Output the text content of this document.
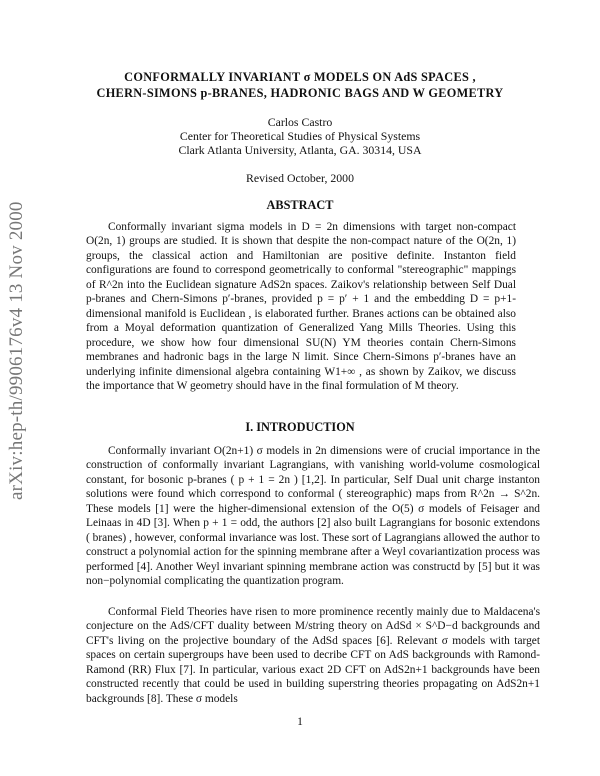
arXiv:hep-th/9906176v4 13 Nov 2000
CONFORMALLY INVARIANT σ MODELS ON AdS SPACES ,
CHERN-SIMONS p-BRANES, HADRONIC BAGS AND W GEOMETRY
Carlos Castro
Center for Theoretical Studies of Physical Systems
Clark Atlanta University, Atlanta, GA. 30314, USA
Revised October, 2000
ABSTRACT

Conformally invariant sigma models in D = 2n dimensions with target non-compact O(2n, 1) groups are studied. It is shown that despite the non-compact nature of the O(2n, 1) groups, the classical action and Hamiltonian are positive definite. Instanton field configurations are found to correspond geometrically to conformal "stereographic" mappings of R^2n into the Euclidean signature AdS2n spaces. Zaikov's relationship between Self Dual p-branes and Chern-Simons p′-branes, provided p = p′ + 1 and the embedding D = p+1-dimensional manifold is Euclidean , is elaborated further. Branes actions can be obtained also from a Moyal deformation quantization of Generalized Yang Mills Theories. Using this procedure, we show how four dimensional SU(N) YM theories contain Chern-Simons membranes and hadronic bags in the large N limit. Since Chern-Simons p′-branes have an underlying infinite dimensional algebra containing W1+∞ , as shown by Zaikov, we discuss the importance that W geometry should have in the final formulation of M theory.

I. INTRODUCTION

Conformally invariant O(2n+1) σ models in 2n dimensions were of crucial importance in the construction of conformally invariant Lagrangians, with vanishing world-volume cosmological constant, for bosonic p-branes ( p + 1 = 2n ) [1,2]. In particular, Self Dual unit charge instanton solutions were found which correspond to conformal ( stereographic) maps from R^2n → S^2n. These models [1] were the higher-dimensional extension of the O(5) σ models of Feisager and Leinaas in 4D [3]. When p + 1 = odd, the authors [2] also built Lagrangians for bosonic extendons ( branes) , however, conformal invariance was lost. These sort of Lagrangians allowed the author to construct a polynomial action for the spinning membrane after a Weyl covariantization process was performed [4]. Another Weyl invariant spinning membrane action was constructd by [5] but it was non−polynomial complicating the quantization program.

Conformal Field Theories have risen to more prominence recently mainly due to Maldacena's conjecture on the AdS/CFT duality between M/string theory on AdSd × S^D−d backgrounds and CFT's living on the projective boundary of the AdSd spaces [6]. Relevant σ models with target spaces on certain supergroups have been used to decribe CFT on AdS backgrounds with Ramond-Ramond (RR) Flux [7]. In particular, various exact 2D CFT on AdS2n+1 backgrounds have been constructed recently that could be used in building superstring theories propagating on AdS2n+1 backgrounds [8]. These σ models

1
